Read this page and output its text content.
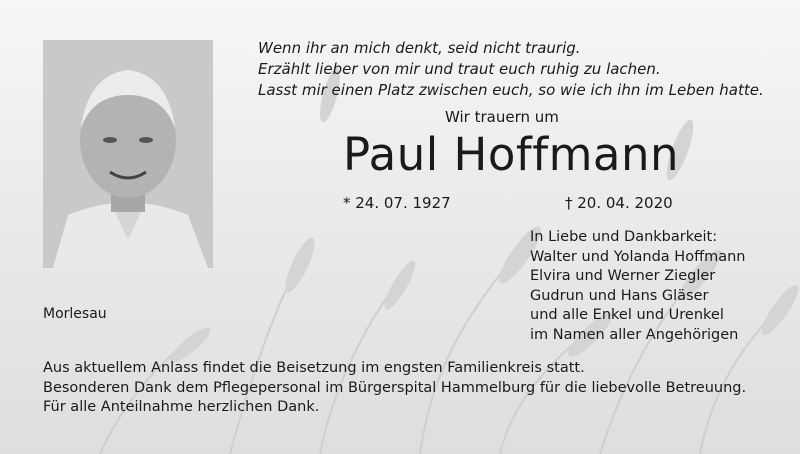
Morlesau
Wenn ihr an mich denkt, seid nicht traurig.
Erzählt lieber von mir und traut euch ruhig zu lachen.
Lasst mir einen Platz zwischen euch, so wie ich ihn im Leben hatte.
Wir trauern um
Paul Hoffmann
* 24. 07. 1927	† 20. 04. 2020
In Liebe und Dankbarkeit:
Walter und Yolanda Hoffmann
Elvira und Werner Ziegler
Gudrun und Hans Gläser
und alle Enkel und Urenkel
im Namen aller Angehörigen
Aus aktuellem Anlass findet die Beisetzung im engsten Familienkreis statt.
Besonderen Dank dem Pflegepersonal im Bürgerspital Hammelburg für die liebevolle Betreuung.
Für alle Anteilnahme herzlichen Dank.
